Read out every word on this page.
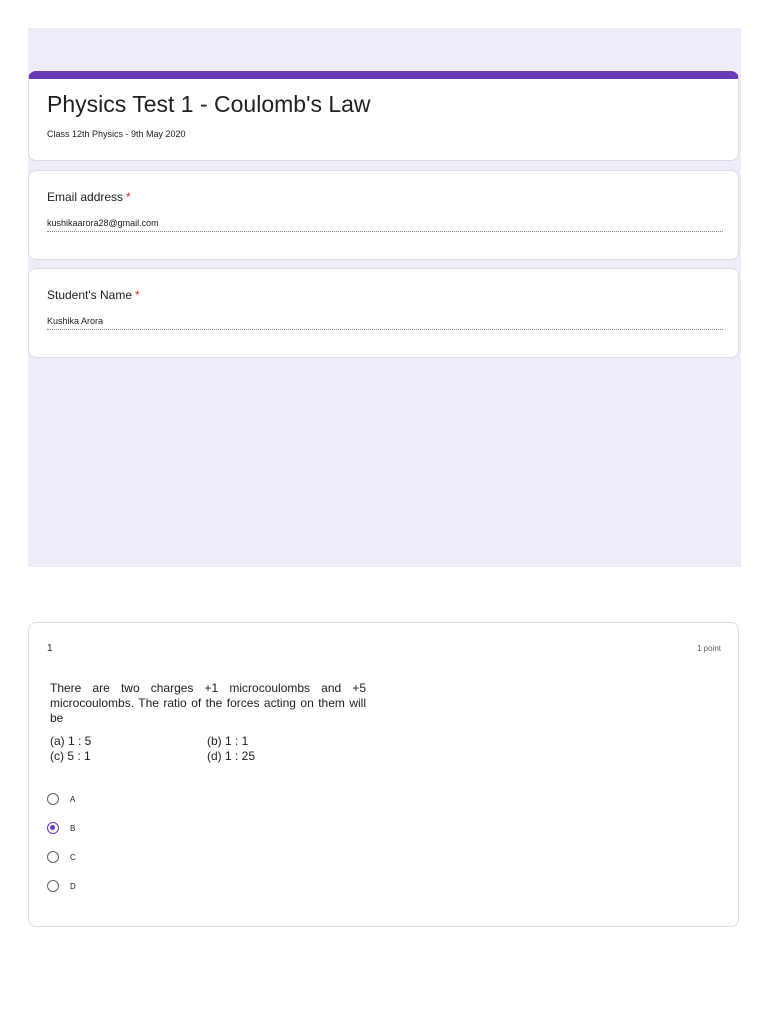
Physics Test 1 - Coulomb's Law
Class 12th Physics - 9th May 2020
Email address *
kushikaarora28@gmail.com
Student's Name *
Kushika Arora
1	1 point
There are two charges +1 microcoulombs and +5 microcoulombs. The ratio of the forces acting on them will be
(a) 1 : 5	(b) 1 : 1
(c) 5 : 1	(d) 1 : 25
A
B
C
D
